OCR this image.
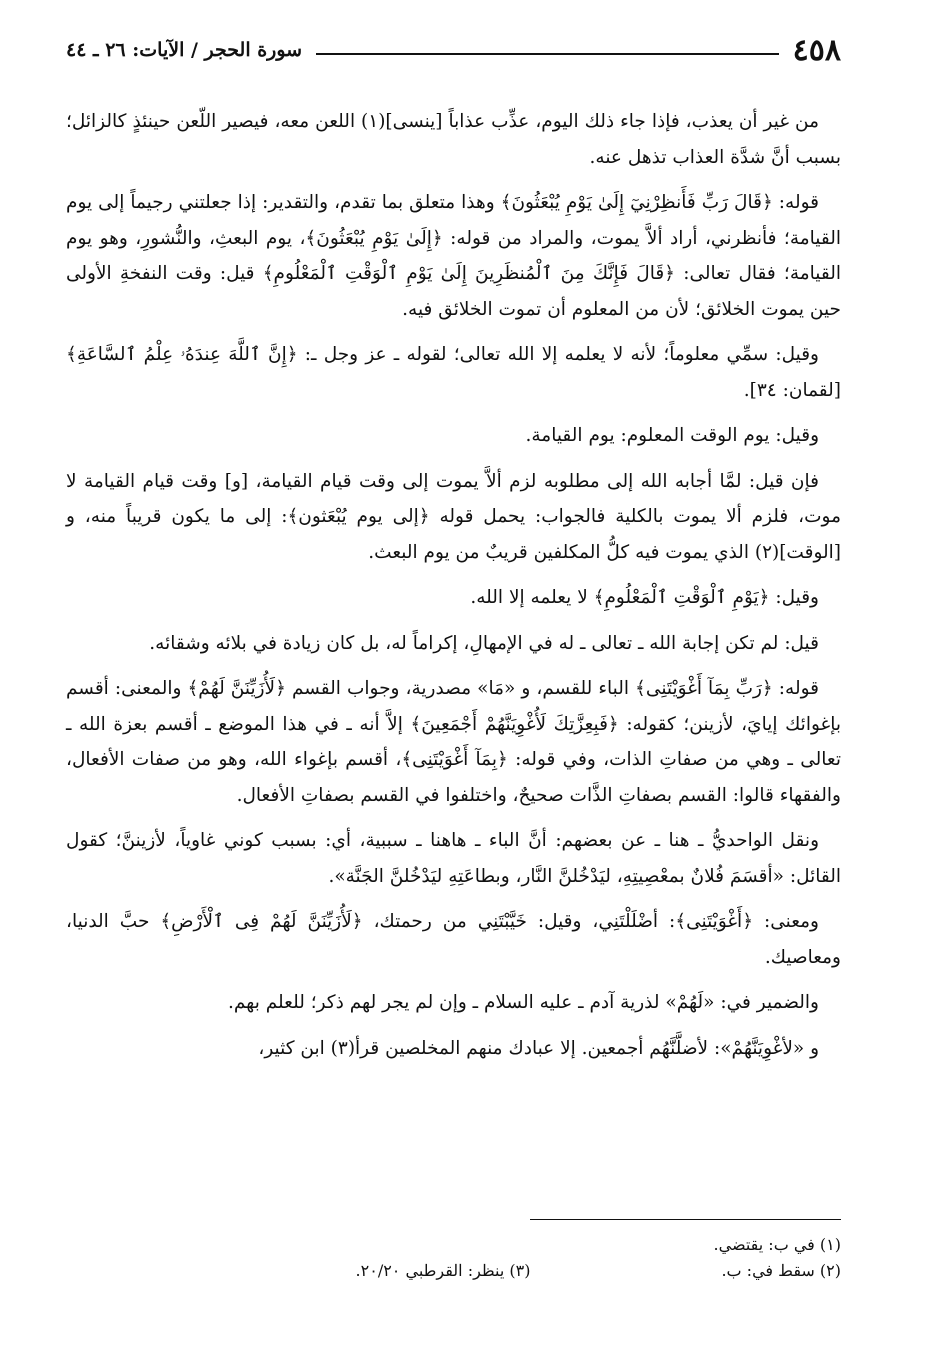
٤٥٨
سورة الحجر / الآيات: ٢٦ ـ ٤٤

من غير أن يعذب، فإذا جاء ذلك اليوم، عذِّب عذاباً [ينسى](١) اللعن معه، فيصير اللّعن حينئذٍ كالزائل؛ بسبب أنَّ شدَّة العذاب تذهل عنه.

قوله: ﴿قَالَ رَبِّ فَأَنظِرْنِيٓ إِلَىٰ يَوْمِ يُبْعَثُونَ﴾ وهذا متعلق بما تقدم، والتقدير: إذا جعلتني رجيماً إلى يوم القيامة؛ فأنظرني، أراد ألاَّ يموت، والمراد من قوله: ﴿إِلَىٰ يَوْمِ يُبْعَثُونَ﴾، يوم البعثِ، والنُّشورِ، وهو يوم القيامة؛ فقال تعالى: ﴿قَالَ فَإِنَّكَ مِنَ ٱلْمُنظَرِينَ إِلَىٰ يَوْمِ ٱلْوَقْتِ ٱلْمَعْلُومِ﴾ قيل: وقت النفخةِ الأولى حين يموت الخلائق؛ لأن من المعلوم أن تموت الخلائق فيه.

وقيل: سمِّي معلوماً؛ لأنه لا يعلمه إلا الله تعالى؛ لقوله ـ عز وجل ـ: ﴿إِنَّ ٱللَّهَ عِندَهُۥ عِلْمُ ٱلسَّاعَةِ﴾ [لقمان: ٣٤].

وقيل: يوم الوقت المعلوم: يوم القيامة.

فإن قيل: لمَّا أجابه الله إلى مطلوبه لزم ألاَّ يموت إلى وقت قيام القيامة، [و] وقت قيام القيامة لا موت، فلزم ألا يموت بالكلية فالجواب: يحمل قوله ﴿إلى يوم يُبْعَثون﴾: إلى ما يكون قريباً منه، و [الوقت](٢) الذي يموت فيه كلُّ المكلفين قريبٌ من يوم البعث.

وقيل: ﴿يَوْمِ ٱلْوَقْتِ ٱلْمَعْلُومِ﴾ لا يعلمه إلا الله.

قيل: لم تكن إجابة الله ـ تعالى ـ له في الإمهالِ، إكراماً له، بل كان زيادة في بلائه وشقائه.

قوله: ﴿رَبِّ بِمَآ أَغْوَيْتَنِى﴾ الباء للقسم، و «مَا» مصدرية، وجواب القسم ﴿لَأُزَيِّنَنَّ لَهُمْ﴾ والمعنى: أقسم بإغوائك إيايَ، لأزينن؛ كقوله: ﴿فَبِعِزَّتِكَ لَأُغْوِيَنَّهُمْ أَجْمَعِينَ﴾ إلاَّ أنه ـ في هذا الموضع ـ أقسم بعزة الله ـ تعالى ـ وهي من صفاتِ الذات، وفي قوله: ﴿بِمَآ أَغْوَيْتَنِى﴾، أقسم بإغواء الله، وهو من صفات الأفعال، والفقهاء قالوا: القسم بصفاتِ الذَّات صحيحٌ، واختلفوا في القسم بصفاتِ الأفعال.

ونقل الواحديُّ ـ هنا ـ عن بعضهم: أنَّ الباء ـ هاهنا ـ سببية، أي: بسبب كوني غاوياً، لأزيننَّ؛ كقول القائل: «أقسَمَ فُلانٌ بمعْصِيتِهِ، ليَدْخُلنَّ النَّار، وبطاعَتِهِ ليَدْخُلنَّ الجَنَّة».

ومعنى: ﴿أَغْوَيْتَنِى﴾: أضْلَلْتَنِي، وقيل: خَيَّبْتَنِي من رحمتك، ﴿لَأُزَيِّنَنَّ لَهُمْ فِى ٱلْأَرْضِ﴾ حبَّ الدنيا، ومعاصيك.

والضمير في: «لَهُمْ» لذرية آدم ـ عليه السلام ـ وإن لم يجر لهم ذكر؛ للعلم بهم.

و «لأغْوِيَنَّهُمْ»: لأضلَّنَّهُم أجمعين. إلا عبادك منهم المخلصين قرأ(٣) ابن كثير،

(١) في ب: يقتضي.
(٢) سقط في: ب.
(٣) ينظر: القرطبي ٢٠/٢٠.
